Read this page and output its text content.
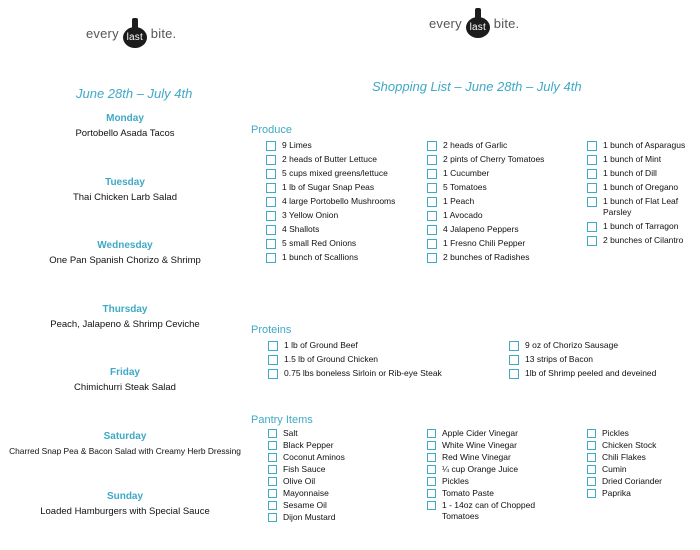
every last bite.
every last bite.
June 28th – July 4th
Monday
Portobello Asada Tacos
Tuesday
Thai Chicken Larb Salad
Wednesday
One Pan Spanish Chorizo & Shrimp
Thursday
Peach, Jalapeno & Shrimp Ceviche
Friday
Chimichurri Steak Salad
Saturday
Charred Snap Pea & Bacon Salad with Creamy Herb Dressing
Sunday
Loaded Hamburgers with Special Sauce
Shopping List – June 28th – July 4th
Produce
9 Limes
2 heads of Butter Lettuce
5 cups mixed greens/lettuce
1 lb of Sugar Snap Peas
4 large Portobello Mushrooms
3 Yellow Onion
4 Shallots
5 small Red Onions
1 bunch of Scallions
2 heads of Garlic
2 pints of Cherry Tomatoes
1 Cucumber
5 Tomatoes
1 Peach
1 Avocado
4 Jalapeno Peppers
1 Fresno Chili Pepper
2 bunches of Radishes
1 bunch of Asparagus
1 bunch of Mint
1 bunch of Dill
1 bunch of Oregano
1 bunch of Flat Leaf Parsley
1 bunch of Tarragon
2 bunches of Cilantro
Proteins
1 lb of Ground Beef
1.5 lb of Ground Chicken
0.75 lbs boneless Sirloin or Rib-eye Steak
9 oz of Chorizo Sausage
13 strips of Bacon
1lb of Shrimp peeled and deveined
Pantry Items
Salt
Black Pepper
Coconut Aminos
Fish Sauce
Olive Oil
Mayonnaise
Sesame Oil
Dijon Mustard
Apple Cider Vinegar
White Wine Vinegar
Red Wine Vinegar
¼ cup Orange Juice
Pickles
Tomato Paste
1 - 14oz can of Chopped Tomatoes
Pickles
Chicken Stock
Chili Flakes
Cumin
Dried Coriander
Paprika
